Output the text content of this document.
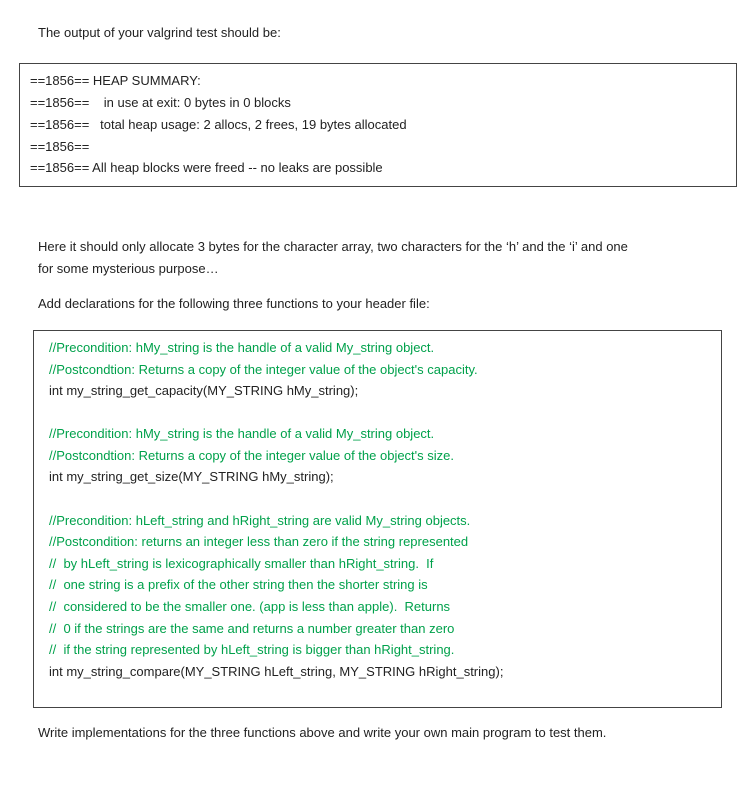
The output of your valgrind test should be:
==1856== HEAP SUMMARY:
==1856==    in use at exit: 0 bytes in 0 blocks
==1856==   total heap usage: 2 allocs, 2 frees, 19 bytes allocated
==1856==
==1856== All heap blocks were freed -- no leaks are possible
Here it should only allocate 3 bytes for the character array, two characters for the ‘h’ and the ‘i’ and one
for some mysterious purpose…
Add declarations for the following three functions to your header file:
//Precondition: hMy_string is the handle of a valid My_string object.
//Postcondtion: Returns a copy of the integer value of the object's capacity.
int my_string_get_capacity(MY_STRING hMy_string);
//Precondition: hMy_string is the handle of a valid My_string object.
//Postcondtion: Returns a copy of the integer value of the object's size.
int my_string_get_size(MY_STRING hMy_string);
//Precondition: hLeft_string and hRight_string are valid My_string objects.
//Postcondition: returns an integer less than zero if the string represented
//  by hLeft_string is lexicographically smaller than hRight_string.  If
//  one string is a prefix of the other string then the shorter string is
//  considered to be the smaller one. (app is less than apple).  Returns
//  0 if the strings are the same and returns a number greater than zero
//  if the string represented by hLeft_string is bigger than hRight_string.
int my_string_compare(MY_STRING hLeft_string, MY_STRING hRight_string);
Write implementations for the three functions above and write your own main program to test them.
